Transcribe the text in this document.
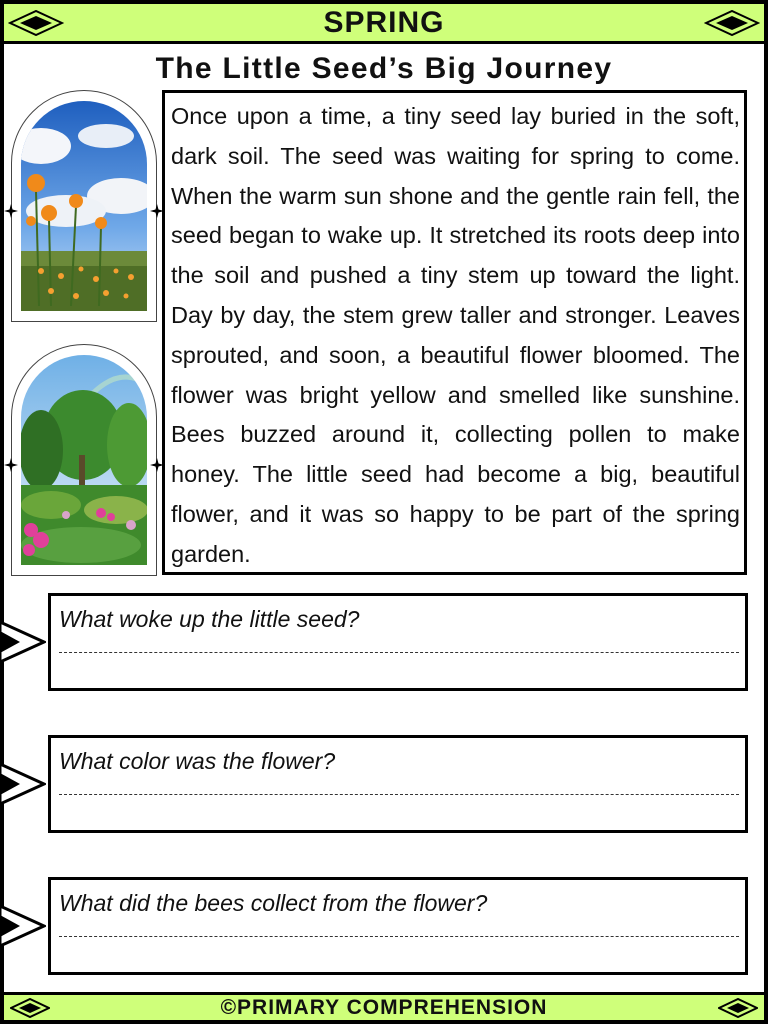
SPRING
The Little Seed’s Big Journey

Once upon a time, a tiny seed lay buried in the soft, dark soil. The seed was waiting for spring to come. When the warm sun shone and the gentle rain fell, the seed began to wake up. It stretched its roots deep into the soil and pushed a tiny stem up toward the light. Day by day, the stem grew taller and stronger. Leaves sprouted, and soon, a beautiful flower bloomed. The flower was bright yellow and smelled like sunshine. Bees buzzed around it, collecting pollen to make honey. The little seed had become a big, beautiful flower, and it was so happy to be part of the spring garden.

What woke up the little seed?
What color was the flower?
What did the bees collect from the flower?
©PRIMARY COMPREHENSION
